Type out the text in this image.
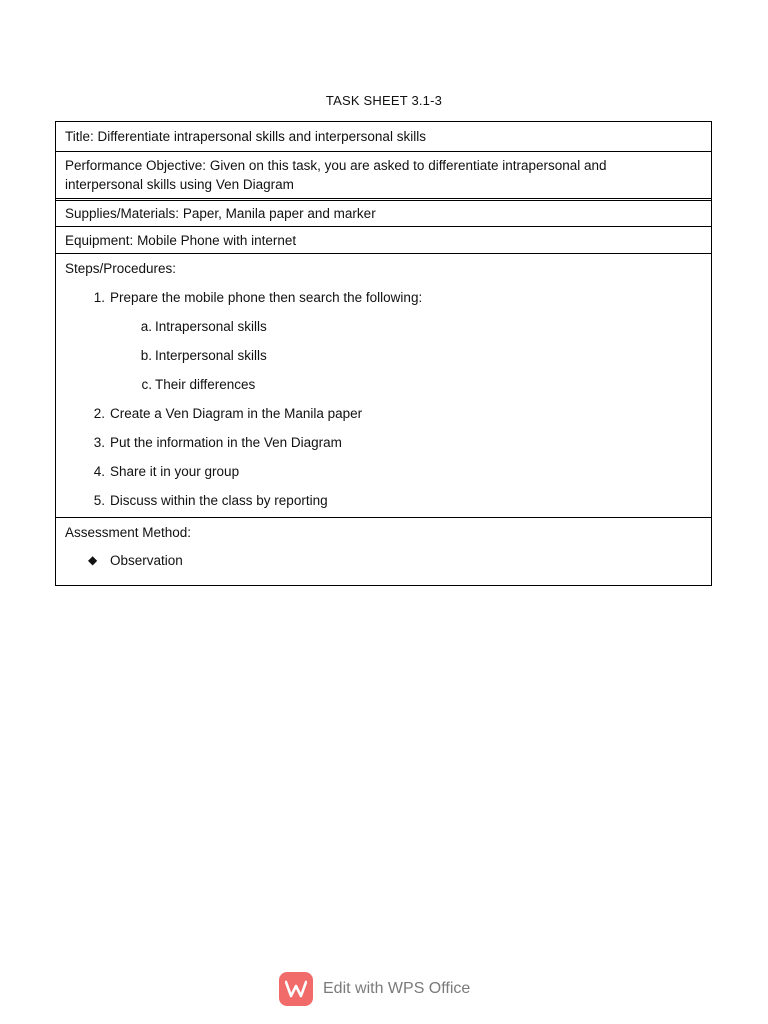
TASK SHEET 3.1-3
Title: Differentiate intrapersonal skills and interpersonal skills
Performance Objective: Given on this task, you are asked to differentiate intrapersonal and
interpersonal skills using Ven Diagram
Supplies/Materials: Paper, Manila paper and marker
Equipment: Mobile Phone with internet
Steps/Procedures:
1. Prepare the mobile phone then search the following:
a. Intrapersonal skills
b. Interpersonal skills
c. Their differences
2. Create a Ven Diagram in the Manila paper
3. Put the information in the Ven Diagram
4. Share it in your group
5. Discuss within the class by reporting
Assessment Method:
◆ Observation
Edit with WPS Office
